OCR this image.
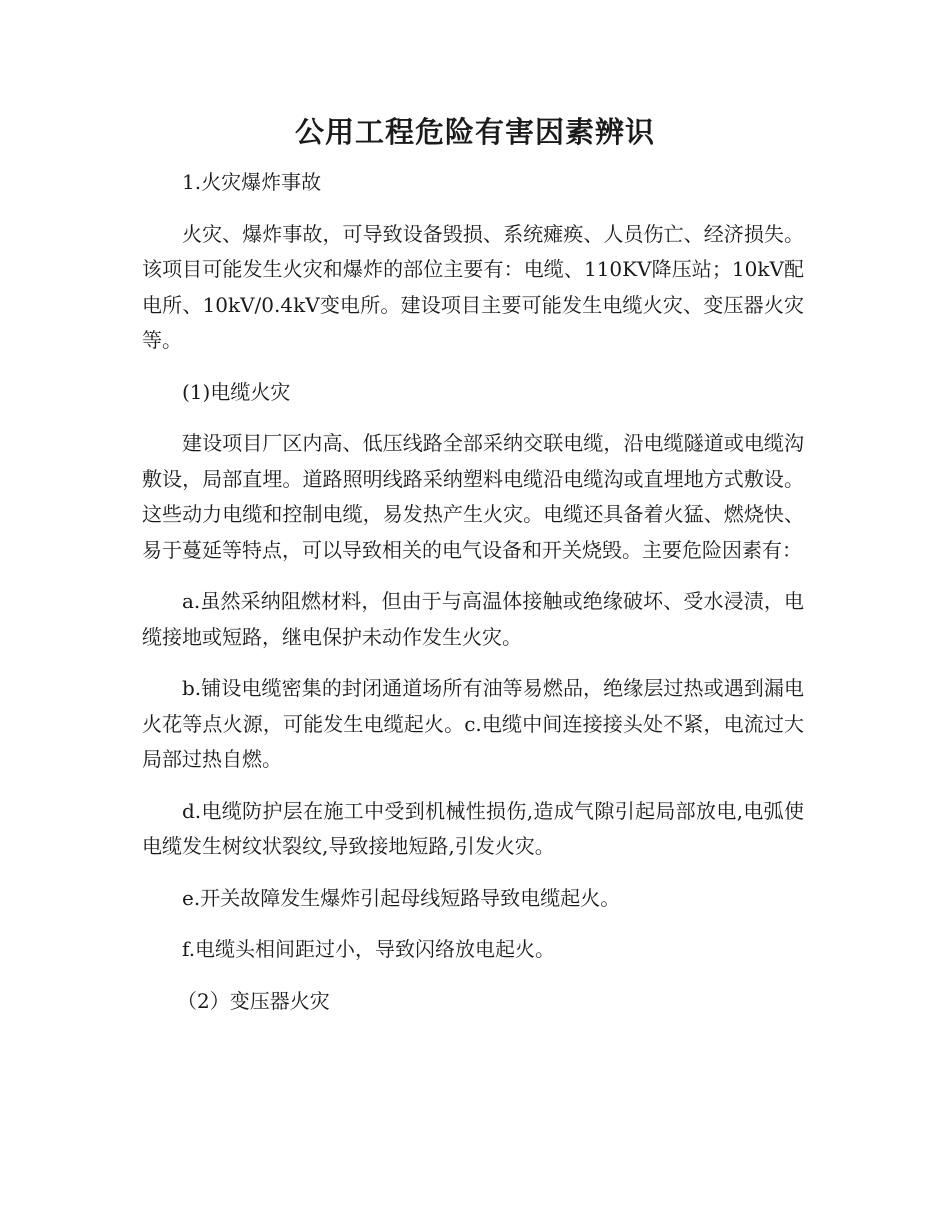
公用工程危险有害因素辨识

1.火灾爆炸事故

火灾、爆炸事故，可导致设备毁损、系统瘫痪、人员伤亡、经济损失。该项目可能发生火灾和爆炸的部位主要有：电缆、110KV降压站；10kV配电所、10kV/0.4kV变电所。建设项目主要可能发生电缆火灾、变压器火灾等。

(1)电缆火灾

建设项目厂区内高、低压线路全部采纳交联电缆，沿电缆隧道或电缆沟敷设，局部直埋。道路照明线路采纳塑料电缆沿电缆沟或直埋地方式敷设。这些动力电缆和控制电缆，易发热产生火灾。电缆还具备着火猛、燃烧快、易于蔓延等特点，可以导致相关的电气设备和开关烧毁。主要危险因素有：

a.虽然采纳阻燃材料，但由于与高温体接触或绝缘破坏、受水浸渍，电缆接地或短路，继电保护未动作发生火灾。

b.铺设电缆密集的封闭通道场所有油等易燃品，绝缘层过热或遇到漏电火花等点火源，可能发生电缆起火。c.电缆中间连接接头处不紧，电流过大局部过热自燃。

d.电缆防护层在施工中受到机械性损伤,造成气隙引起局部放电,电弧使电缆发生树纹状裂纹,导致接地短路,引发火灾。

e.开关故障发生爆炸引起母线短路导致电缆起火。

f.电缆头相间距过小，导致闪络放电起火。

（2）变压器火灾
